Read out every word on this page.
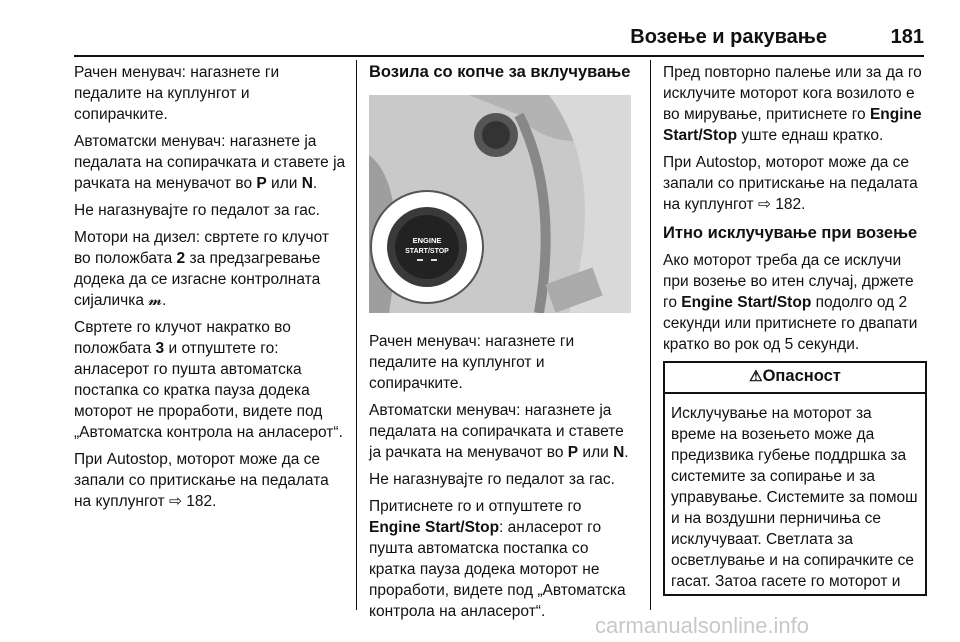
Возење и ракување	181

Рачен менувач: нагазнете ги педалите на куплунгот и сопирачките.

Автоматски менувач: нагазнете ја педалата на сопирачката и ставете ја рачката на менувачот во P или N.

Не нагазнувајте го педалот за гас.

Мотори на дизел: свртете го клучот во положбата 2 за предзагревање додека да се изгасне контролната сијаличка 𝓶.

Свртете го клучот накратко во положбата 3 и отпуштете го: анласерот го пушта автоматска постапка со кратка пауза додека моторот не проработи, видете под „Автоматска контрола на анласерот“.

При Autostop, моторот може да се запали со притискање на педалата на куплунгот ⇨ 182.

Возила со копче за вклучување
ENGINE
START/STOP

Рачен менувач: нагазнете ги педалите на куплунгот и сопирачките.

Автоматски менувач: нагазнете ја педалата на сопирачката и ставете ја рачката на менувачот во P или N.

Не нагазнувајте го педалот за гас.

Притиснете го и отпуштете го Engine Start/Stop: анласерот го пушта автоматска постапка со кратка пауза додека моторот не проработи, видете под „Автоматска контрола на анласерот“.

Пред повторно палење или за да го исклучите моторот кога возилото е во мирување, притиснете го Engine Start/Stop уште еднаш кратко.

При Autostop, моторот може да се запали со притискање на педалата на куплунгот ⇨ 182.

Итно исклучување при возење

Ако моторот треба да се исклучи при возење во итен случај, држете го Engine Start/Stop подолго од 2 секунди или притиснете го двапати кратко во рок од 5 секунди.

⚠Опасност

Исклучување на моторот за време на возењето може да предизвика губење поддршка за системите за сопирање и за управување. Системите за помош и на воздушни перничиња се исклучуваат. Светлата за осветлување и на сопирачките се гасат. Затоа гасете го моторот и

carmanualsonline.info
